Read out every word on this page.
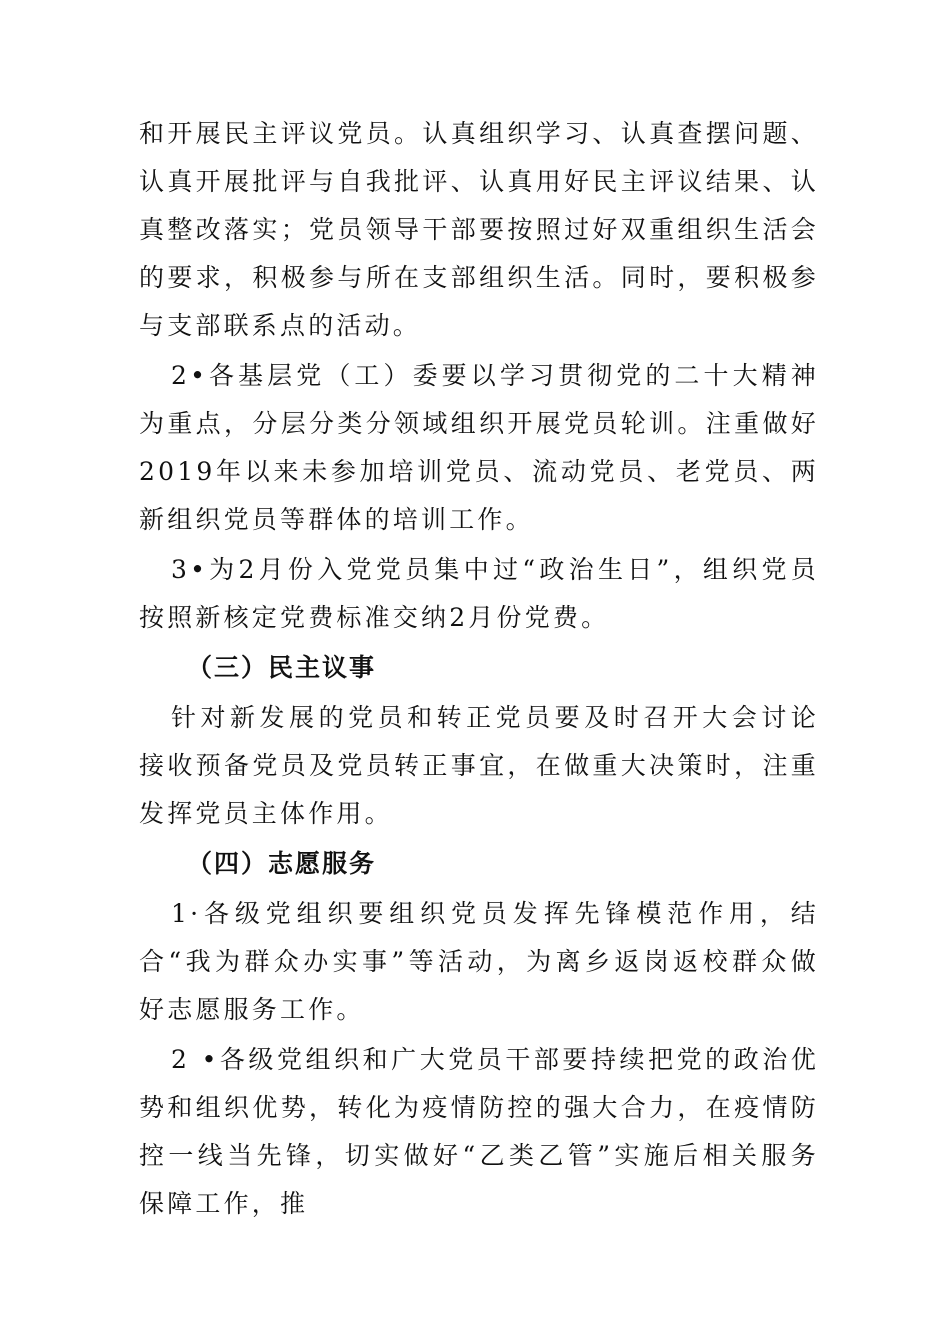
和开展民主评议党员。认真组织学习、认真查摆问题、认真开展批评与自我批评、认真用好民主评议结果、认真整改落实；党员领导干部要按照过好双重组织生活会的要求，积极参与所在支部组织生活。同时，要积极参与支部联系点的活动。

2•各基层党（工）委要以学习贯彻党的二十大精神为重点，分层分类分领域组织开展党员轮训。注重做好2019年以来未参加培训党员、流动党员、老党员、两新组织党员等群体的培训工作。

3•为2月份入党党员集中过“政治生日”，组织党员按照新核定党费标准交纳2月份党费。

（三）民主议事

针对新发展的党员和转正党员要及时召开大会讨论接收预备党员及党员转正事宜，在做重大决策时，注重发挥党员主体作用。

（四）志愿服务

1·各级党组织要组织党员发挥先锋模范作用，结合“我为群众办实事”等活动，为离乡返岗返校群众做好志愿服务工作。

2 •各级党组织和广大党员干部要持续把党的政治优势和组织优势，转化为疫情防控的强大合力，在疫情防控一线当先锋，切实做好“乙类乙管”实施后相关服务保障工作，推
